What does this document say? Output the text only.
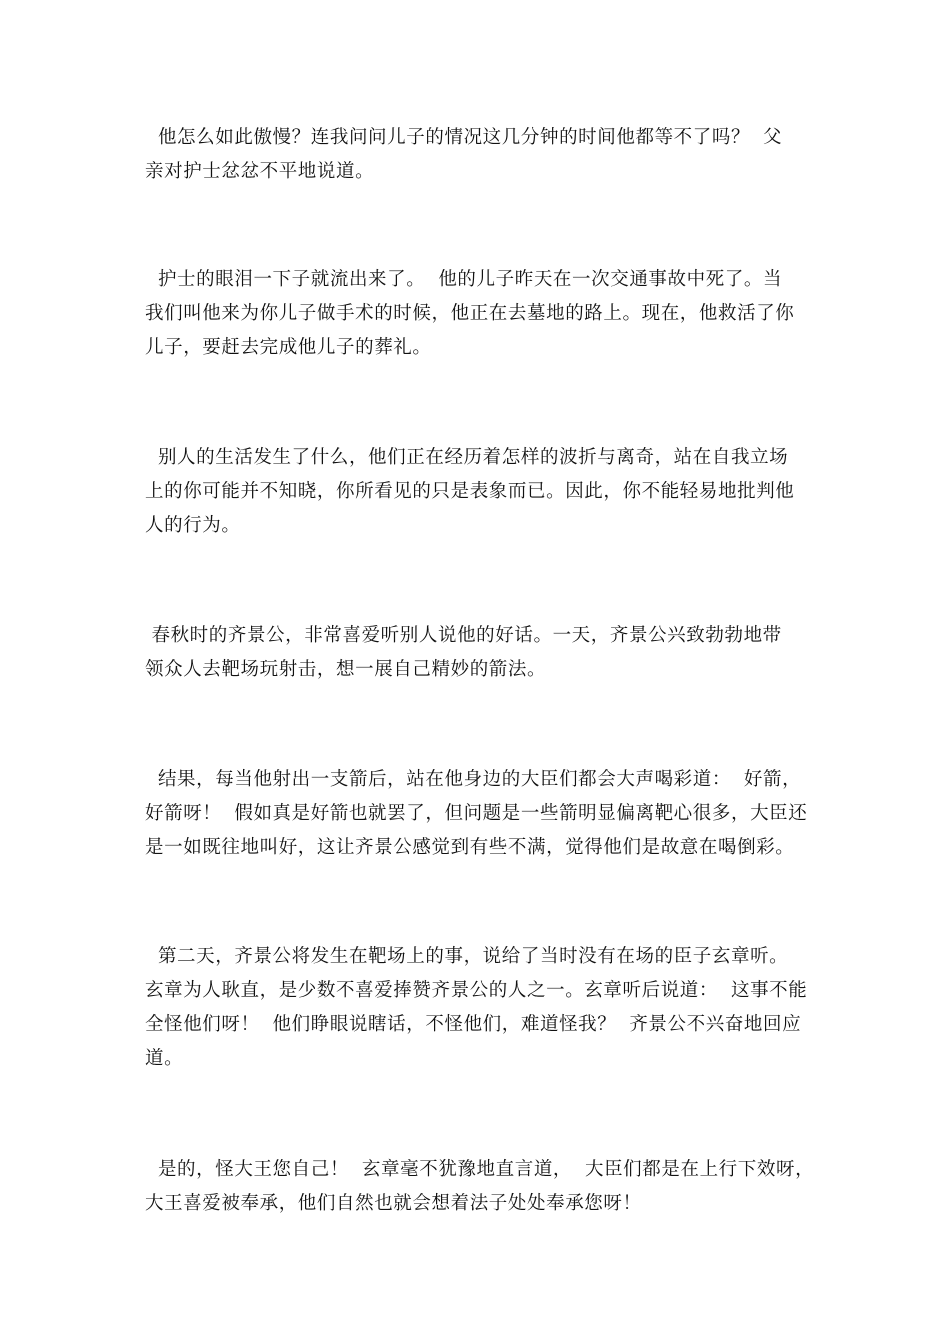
他怎么如此傲慢？连我问问儿子的情况这几分钟的时间他都等不了吗？  父
亲对护士忿忿不平地说道。

护士的眼泪一下子就流出来了。  他的儿子昨天在一次交通事故中死了。当
我们叫他来为你儿子做手术的时候，他正在去墓地的路上。现在，他救活了你
儿子，要赶去完成他儿子的葬礼。

别人的生活发生了什么，他们正在经历着怎样的波折与离奇，站在自我立场
上的你可能并不知晓，你所看见的只是表象而已。因此，你不能轻易地批判他
人的行为。

春秋时的齐景公，非常喜爱听别人说他的好话。一天，齐景公兴致勃勃地带
领众人去靶场玩射击，想一展自己精妙的箭法。

结果，每当他射出一支箭后，站在他身边的大臣们都会大声喝彩道：  好箭，
好箭呀！  假如真是好箭也就罢了，但问题是一些箭明显偏离靶心很多，大臣还
是一如既往地叫好，这让齐景公感觉到有些不满，觉得他们是故意在喝倒彩。

第二天，齐景公将发生在靶场上的事，说给了当时没有在场的臣子玄章听。
玄章为人耿直，是少数不喜爱捧赞齐景公的人之一。玄章听后说道：  这事不能
全怪他们呀！  他们睁眼说瞎话，不怪他们，难道怪我？  齐景公不兴奋地回应
道。

是的，怪大王您自己！  玄章毫不犹豫地直言道，  大臣们都是在上行下效呀，
大王喜爱被奉承，他们自然也就会想着法子处处奉承您呀！
